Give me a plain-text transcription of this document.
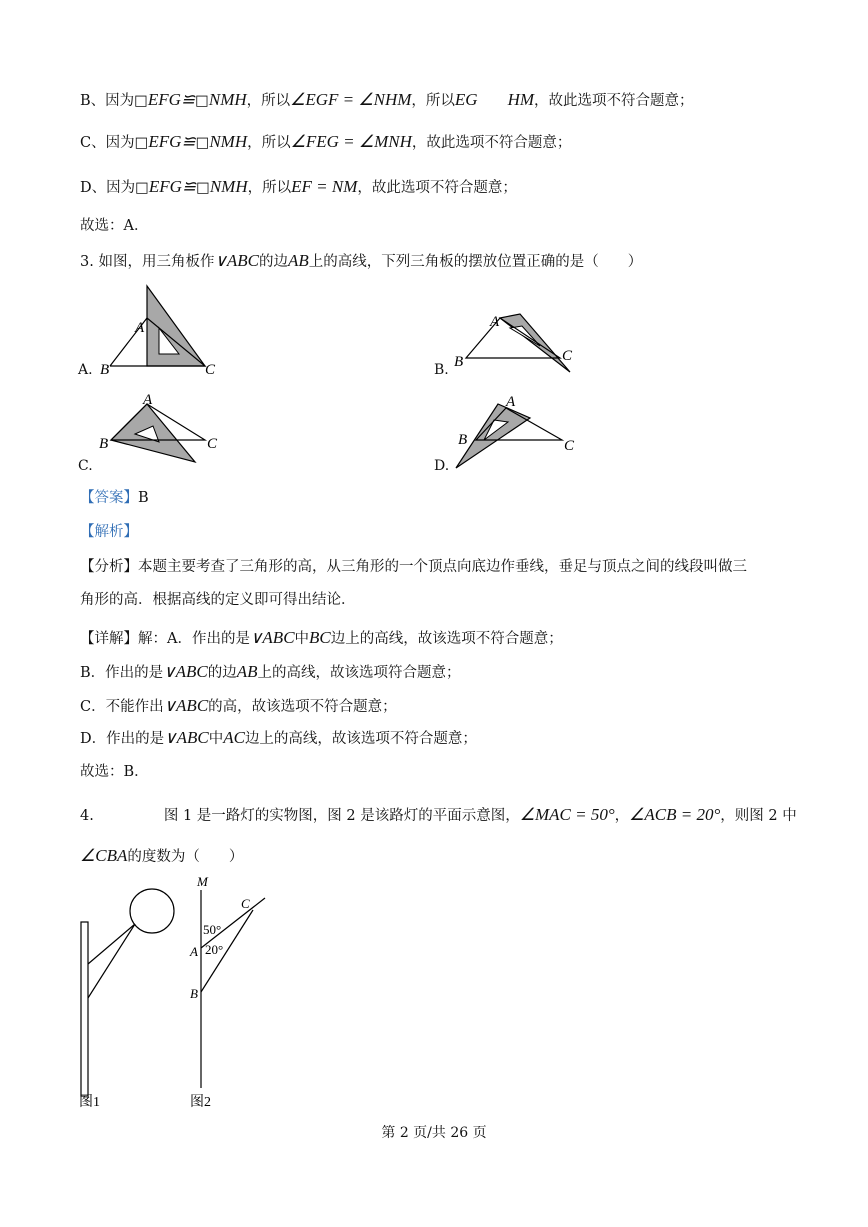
B、因为□EFG≌□NMH，所以∠EGF = ∠NHM，所以EG HM，故此选项不符合题意；
C、因为□EFG≌□NMH，所以∠FEG = ∠MNH，故此选项不符合题意；
D、因为□EFG≌□NMH，所以EF = NM，故此选项不符合题意；
故选：A．
3. 如图，用三角板作∨ABC的边AB上的高线，下列三角板的摆放位置正确的是（　　）
A.
A
B	C	B.
A
B	C
C.
A
B	C
D.
A
B	C
【答案】B
【解析】
【分析】本题主要考查了三角形的高，从三角形的一个顶点向底边作垂线，垂足与顶点之间的线段叫做三
角形的高．根据高线的定义即可得出结论．
【详解】解：A．作出的是∨ABC中BC边上的高线，故该选项不符合题意；
B．作出的是∨ABC的边AB上的高线，故该选项符合题意；
C．不能作出∨ABC的高，故该选项不符合题意；
D．作出的是∨ABC中AC边上的高线，故该选项不符合题意；
故选：B．
4.	图 1 是一路灯的实物图，图 2 是该路灯的平面示意图，∠MAC = 50°，∠ACB = 20°，则图 2 中
∠CBA的度数为（　　）
图1
M
C
A
B
50°
20°
图2
第 2 页/共 26 页
